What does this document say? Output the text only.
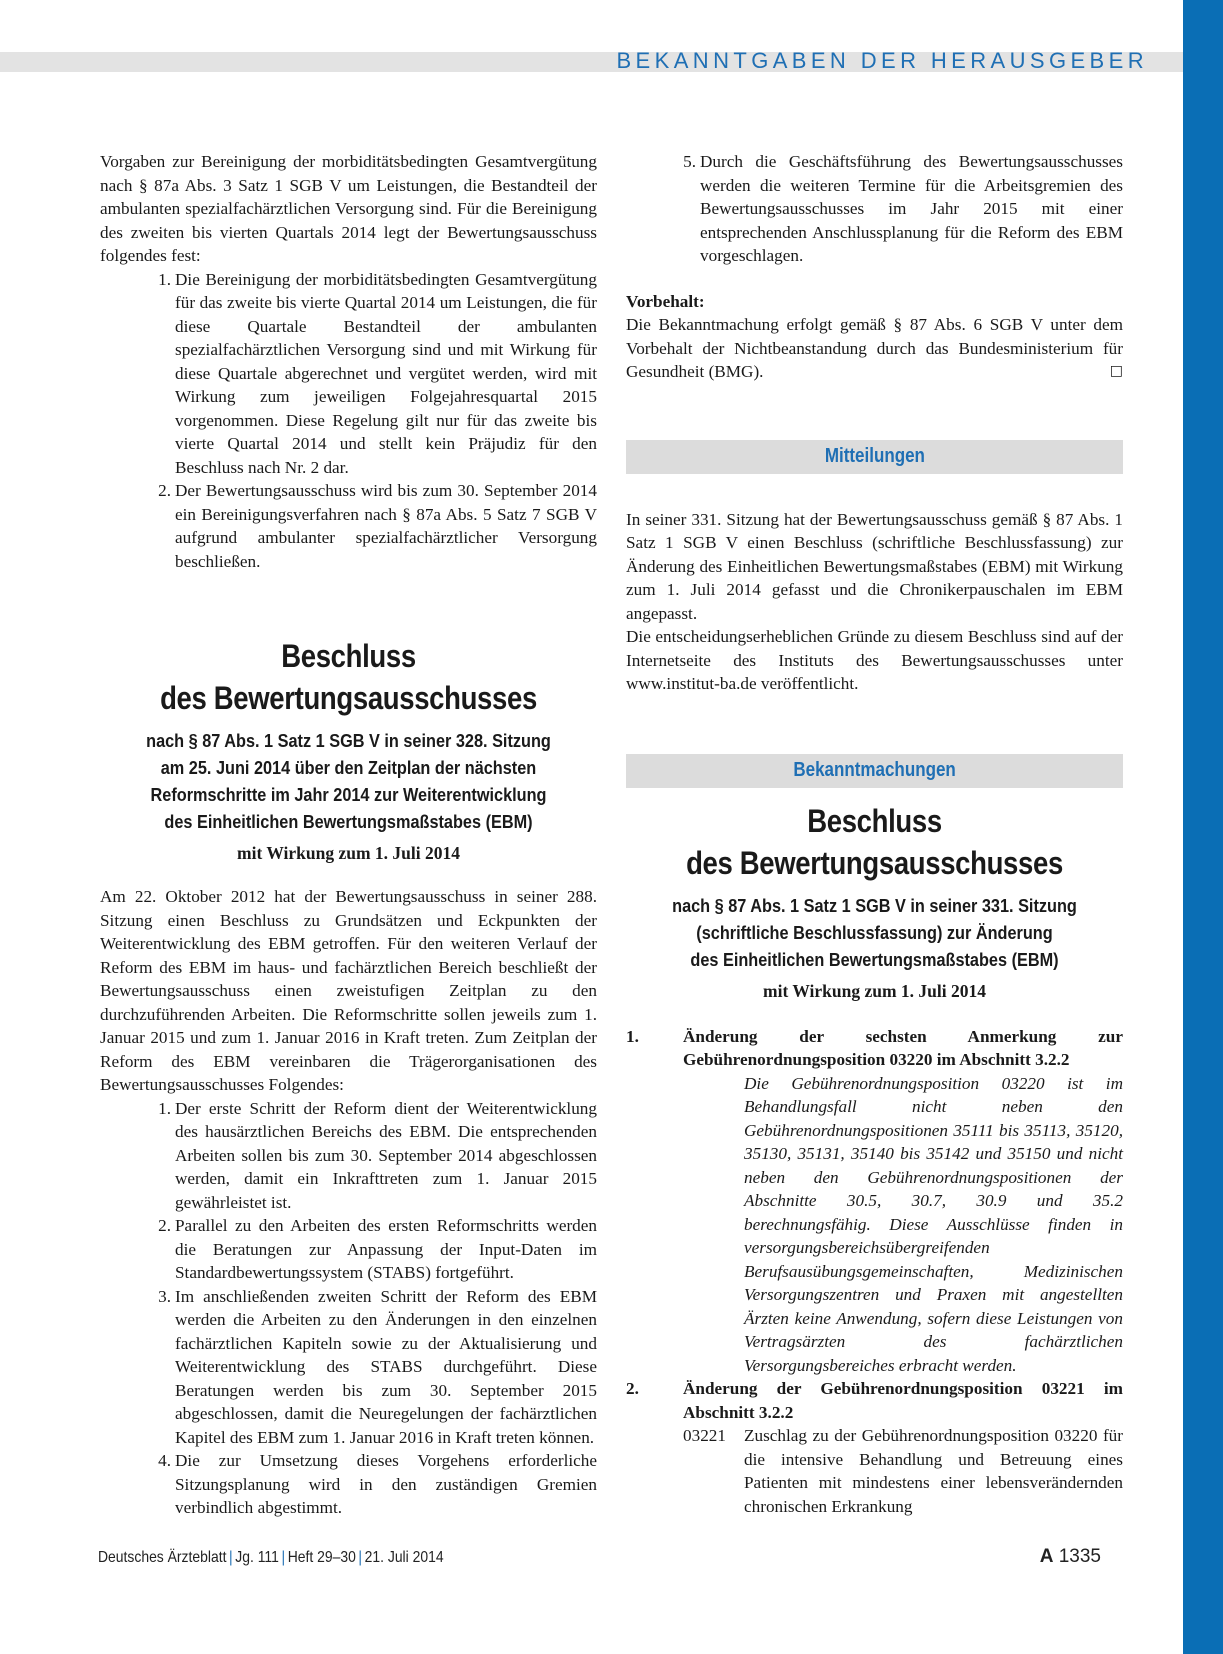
BEKANNTGABEN DER HERAUSGEBER

Vorgaben zur Bereinigung der morbiditätsbedingten Gesamtvergütung nach § 87a Abs. 3 Satz 1 SGB V um Leistungen, die Bestandteil der ambulanten spezialfachärztlichen Versorgung sind. Für die Bereinigung des zweiten bis vierten Quartals 2014 legt der Bewertungsausschuss folgendes fest:

1. Die Bereinigung der morbiditätsbedingten Gesamtvergütung für das zweite bis vierte Quartal 2014 um Leistungen, die für diese Quartale Bestandteil der ambulanten spezialfachärztlichen Versorgung sind und mit Wirkung für diese Quartale abgerechnet und vergütet werden, wird mit Wirkung zum jeweiligen Folgejahresquartal 2015 vorgenommen. Diese Regelung gilt nur für das zweite bis vierte Quartal 2014 und stellt kein Präjudiz für den Beschluss nach Nr. 2 dar.
2. Der Bewertungsausschuss wird bis zum 30. September 2014 ein Bereinigungsverfahren nach § 87a Abs. 5 Satz 7 SGB V aufgrund ambulanter spezialfachärztlicher Versorgung beschließen.
Beschluss
des Bewertungsausschusses
nach § 87 Abs. 1 Satz 1 SGB V in seiner 328. Sitzung
am 25. Juni 2014 über den Zeitplan der nächsten
Reformschritte im Jahr 2014 zur Weiterentwicklung
des Einheitlichen Bewertungsmaßstabes (EBM)
mit Wirkung zum 1. Juli 2014

Am 22. Oktober 2012 hat der Bewertungsausschuss in seiner 288. Sitzung einen Beschluss zu Grundsätzen und Eckpunkten der Weiterentwicklung des EBM getroffen. Für den weiteren Verlauf der Reform des EBM im haus- und fachärztlichen Bereich beschließt der Bewertungsausschuss einen zweistufigen Zeitplan zu den durchzuführenden Arbeiten. Die Reformschritte sollen jeweils zum 1. Januar 2015 und zum 1. Januar 2016 in Kraft treten. Zum Zeitplan der Reform des EBM vereinbaren die Trägerorganisationen des Bewertungsausschusses Folgendes:

1. Der erste Schritt der Reform dient der Weiterentwicklung des hausärztlichen Bereichs des EBM. Die entsprechenden Arbeiten sollen bis zum 30. September 2014 abgeschlossen werden, damit ein Inkrafttreten zum 1. Januar 2015 gewährleistet ist.
2. Parallel zu den Arbeiten des ersten Reformschritts werden die Beratungen zur Anpassung der Input-Daten im Standardbewertungssystem (STABS) fortgeführt.
3. Im anschließenden zweiten Schritt der Reform des EBM werden die Arbeiten zu den Änderungen in den einzelnen fachärztlichen Kapiteln sowie zu der Aktualisierung und Weiterentwicklung des STABS durchgeführt. Diese Beratungen werden bis zum 30. September 2015 abgeschlossen, damit die Neuregelungen der fachärztlichen Kapitel des EBM zum 1. Januar 2016 in Kraft treten können.
4. Die zur Umsetzung dieses Vorgehens erforderliche Sitzungsplanung wird in den zuständigen Gremien verbindlich abgestimmt.
5. Durch die Geschäftsführung des Bewertungsausschusses werden die weiteren Termine für die Arbeitsgremien des Bewertungsausschusses im Jahr 2015 mit einer entsprechenden Anschlussplanung für die Reform des EBM vorgeschlagen.

Vorbehalt:

Die Bekanntmachung erfolgt gemäß § 87 Abs. 6 SGB V unter dem Vorbehalt der Nichtbeanstandung durch das Bundesministerium für Gesundheit (BMG).	□

Mitteilungen

In seiner 331. Sitzung hat der Bewertungsausschuss gemäß § 87 Abs. 1 Satz 1 SGB V einen Beschluss (schriftliche Beschlussfassung) zur Änderung des Einheitlichen Bewertungsmaßstabes (EBM) mit Wirkung zum 1. Juli 2014 gefasst und die Chronikerpauschalen im EBM angepasst.

Die entscheidungserheblichen Gründe zu diesem Beschluss sind auf der Internetseite des Instituts des Bewertungsausschusses unter www.institut-ba.de veröffentlicht.

Bekanntmachungen
Beschluss
des Bewertungsausschusses
nach § 87 Abs. 1 Satz 1 SGB V in seiner 331. Sitzung
(schriftliche Beschlussfassung) zur Änderung
des Einheitlichen Bewertungsmaßstabes (EBM)
mit Wirkung zum 1. Juli 2014
1.	Änderung der sechsten Anmerkung zur Gebührenordnungsposition 03220 im Abschnitt 3.2.2

Die Gebührenordnungsposition 03220 ist im Behandlungsfall nicht neben den Gebührenordnungspositionen 35111 bis 35113, 35120, 35130, 35131, 35140 bis 35142 und 35150 und nicht neben den Gebührenordnungspositionen der Abschnitte 30.5, 30.7, 30.9 und 35.2 berechnungsfähig. Diese Ausschlüsse finden in versorgungsbereichsübergreifenden Berufsausübungsgemeinschaften, Medizinischen Versorgungszentren und Praxen mit angestellten Ärzten keine Anwendung, sofern diese Leistungen von Vertragsärzten des fachärztlichen Versorgungsbereiches erbracht werden.

2.	Änderung der Gebührenordnungsposition 03221 im Abschnitt 3.2.2
03221 Zuschlag zu der Gebührenordnungsposition 03220 für die intensive Behandlung und Betreuung eines Patienten mit mindestens einer lebensverändernden chronischen Erkrankung
Deutsches Ärzteblatt | Jg. 111 | Heft 29–30 | 21. Juli 2014	A 1335
